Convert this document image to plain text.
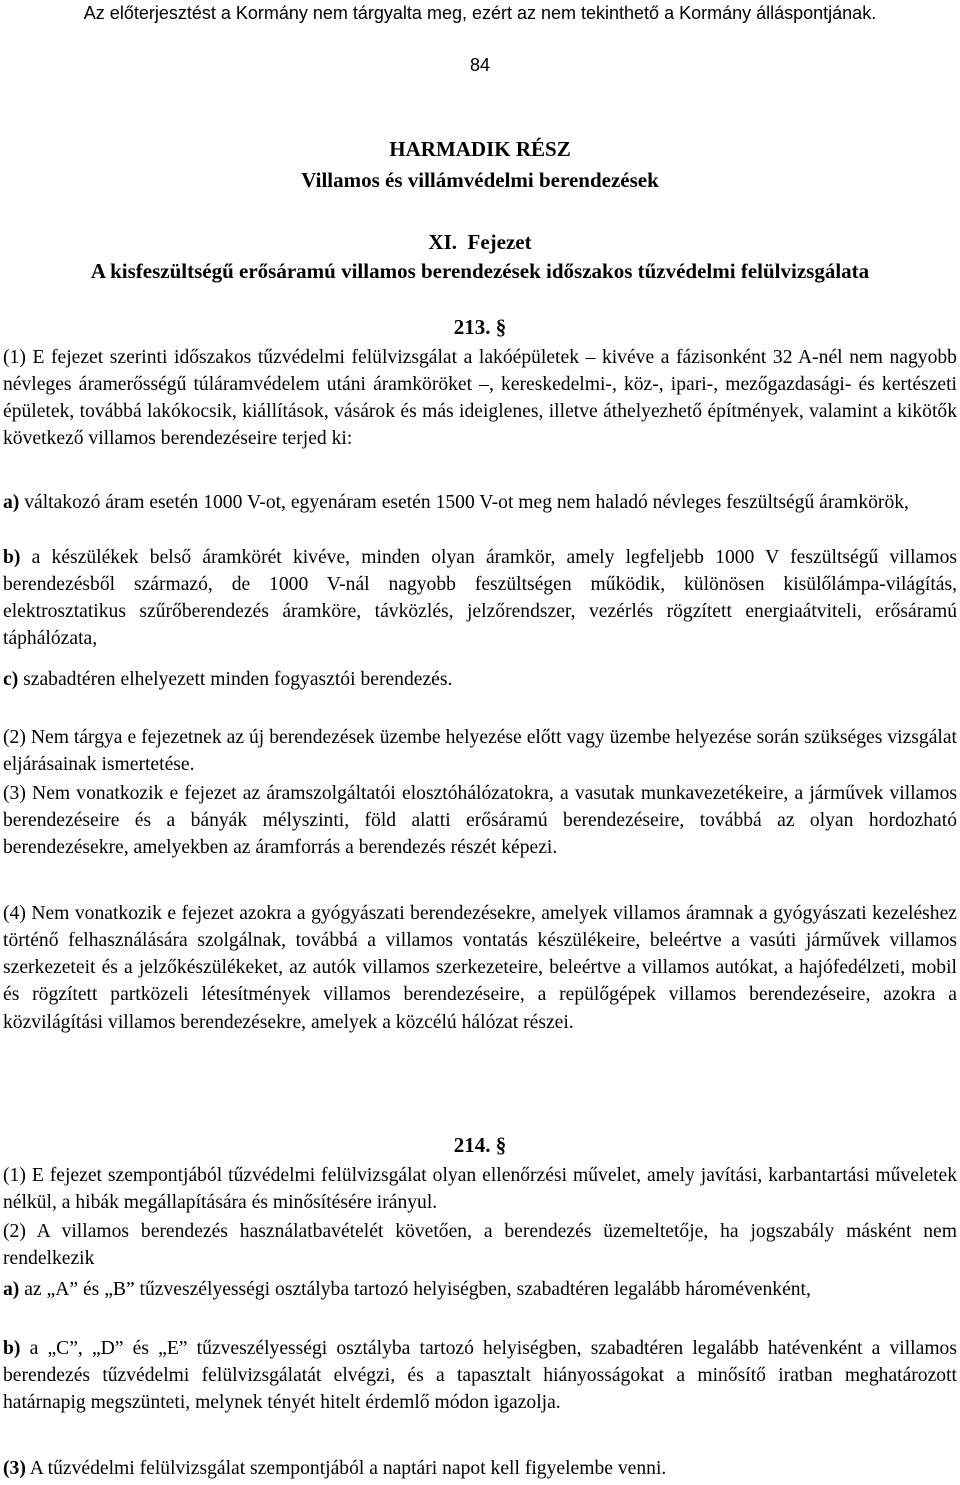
Az előterjesztést a Kormány nem tárgyalta meg, ezért az nem tekinthető a Kormány álláspontjának.
84
HARMADIK RÉSZ
Villamos és villámvédelmi berendezések
XI.  Fejezet
A kisfeszültségű erősáramú villamos berendezések időszakos tűzvédelmi felülvizsgálata
213. §
(1) E fejezet szerinti időszakos tűzvédelmi felülvizsgálat a lakóépületek – kivéve a fázisonként 32 A-nél nem nagyobb névleges áramerősségű túláramvédelem utáni áramköröket –, kereskedelmi-, köz-, ipari-, mezőgazdasági- és kertészeti épületek, továbbá lakókocsik, kiállítások, vásárok és más ideiglenes, illetve áthelyezhető építmények, valamint a kikötők következő villamos berendezéseire terjed ki:
a) váltakozó áram esetén 1000 V-ot, egyenáram esetén 1500 V-ot meg nem haladó névleges feszültségű áramkörök,
b) a készülékek belső áramkörét kivéve, minden olyan áramkör, amely legfeljebb 1000 V feszültségű villamos berendezésből származó, de 1000 V-nál nagyobb feszültségen működik, különösen kisülőlámpa-világítás, elektrosztatikus szűrőberendezés áramköre, távközlés, jelzőrendszer, vezérlés rögzített energiaátviteli, erősáramú táphálózata,
c) szabadtéren elhelyezett minden fogyasztói berendezés.
(2) Nem tárgya e fejezetnek az új berendezések üzembe helyezése előtt vagy üzembe helyezése során szükséges vizsgálat eljárásainak ismertetése.
(3) Nem vonatkozik e fejezet az áramszolgáltatói elosztóhálózatokra, a vasutak munkavezetékeire, a járművek villamos berendezéseire és a bányák mélyszinti, föld alatti erősáramú berendezéseire, továbbá az olyan hordozható berendezésekre, amelyekben az áramforrás a berendezés részét képezi.
(4) Nem vonatkozik e fejezet azokra a gyógyászati berendezésekre, amelyek villamos áramnak a gyógyászati kezeléshez történő felhasználására szolgálnak, továbbá a villamos vontatás készülékeire, beleértve a vasúti járművek villamos szerkezeteit és a jelzőkészülékeket, az autók villamos szerkezeteire, beleértve a villamos autókat, a hajófedélzeti, mobil és rögzített partközeli létesítmények villamos berendezéseire, a repülőgépek villamos berendezéseire, azokra a közvilágítási villamos berendezésekre, amelyek a közcélú hálózat részei.
214. §
(1) E fejezet szempontjából tűzvédelmi felülvizsgálat olyan ellenőrzési művelet, amely javítási, karbantartási műveletek nélkül, a hibák megállapítására és minősítésére irányul.
(2) A villamos berendezés használatbavételét követően, a berendezés üzemeltetője, ha jogszabály másként nem rendelkezik
a) az „A” és „B” tűzveszélyességi osztályba tartozó helyiségben, szabadtéren legalább háromévenként,
b) a „C”, „D” és „E” tűzveszélyességi osztályba tartozó helyiségben, szabadtéren legalább hatévenként a villamos berendezés tűzvédelmi felülvizsgálatát elvégzi, és a tapasztalt hiányosságokat a minősítő iratban meghatározott határnapig megszünteti, melynek tényét hitelt érdemlő módon igazolja.
(3) A tűzvédelmi felülvizsgálat szempontjából a naptári napot kell figyelembe venni.
